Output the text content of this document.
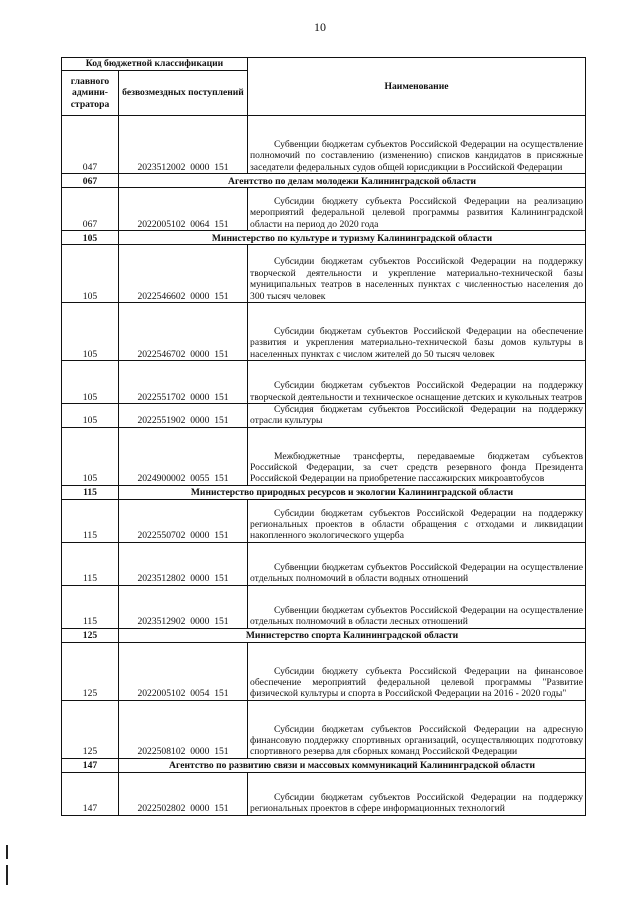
10
Код бюджетной классификации		Наименование
главного админи-стратора	безвозмездных поступлений	
047	2023512002  0000  151	Субвенции бюджетам субъектов Российской Федерации на осуществление полномочий по составлению (изменению) списков кандидатов в присяжные заседатели федеральных судов общей юрисдикции в Российской Федерации

067	Агентство по делам молодежи Калининградской области	
067	2022005102  0064  151	Субсидии бюджету субъекта Российской Федерации на реализацию мероприятий федеральной целевой программы развития Калининградской области на период до 2020 года

105	Министерство по культуре и туризму Калининградской области	
105	2022546602  0000  151	Субсидии бюджетам субъектов Российской Федерации на поддержку творческой деятельности и укрепление материально-технической базы муниципальных театров в населенных пунктах с численностью населения до 300 тысяч человек

105	2022546702  0000  151	Субсидии бюджетам субъектов Российской Федерации на обеспечение развития и укрепления материально-технической базы домов культуры в населенных пунктах с числом жителей до 50 тысяч человек

105	2022551702  0000  151	Субсидии бюджетам субъектов Российской Федерации на поддержку творческой деятельности и техническое оснащение детских и кукольных театров

105	2022551902  0000  151	Субсидия бюджетам субъектов Российской Федерации на поддержку отрасли культуры

105	2024900002  0055  151	Межбюджетные трансферты, передаваемые бюджетам субъектов Российской Федерации, за счет средств резервного фонда Президента Российской Федерации на приобретение пассажирских микроавтобусов

115	Министерство природных ресурсов и экологии Калининградской области	
115	2022550702  0000  151	Субсидии бюджетам субъектов Российской Федерации на поддержку региональных проектов в области обращения с отходами и ликвидации накопленного экологического ущерба

115	2023512802  0000  151	Субвенции бюджетам субъектов Российской Федерации на осуществление отдельных полномочий в области водных отношений

115	2023512902  0000  151	Субвенции бюджетам субъектов Российской Федерации на осуществление отдельных полномочий в области лесных отношений

125	Министерство спорта Калининградской области	
125	2022005102  0054  151	Субсидии бюджету субъекта Российской Федерации на финансовое обеспечение мероприятий федеральной целевой программы "Развитие физической культуры и спорта в Российской Федерации на 2016 - 2020 годы"

125	2022508102  0000  151	Субсидии бюджетам субъектов Российской Федерации на адресную финансовую поддержку спортивных организаций, осуществляющих подготовку спортивного резерва для сборных команд Российской Федерации

147	Агентство по развитию связи и массовых коммуникаций Калининградской области	
147	2022502802  0000  151	Субсидии бюджетам субъектов Российской Федерации на поддержку региональных проектов в сфере информационных технологий
